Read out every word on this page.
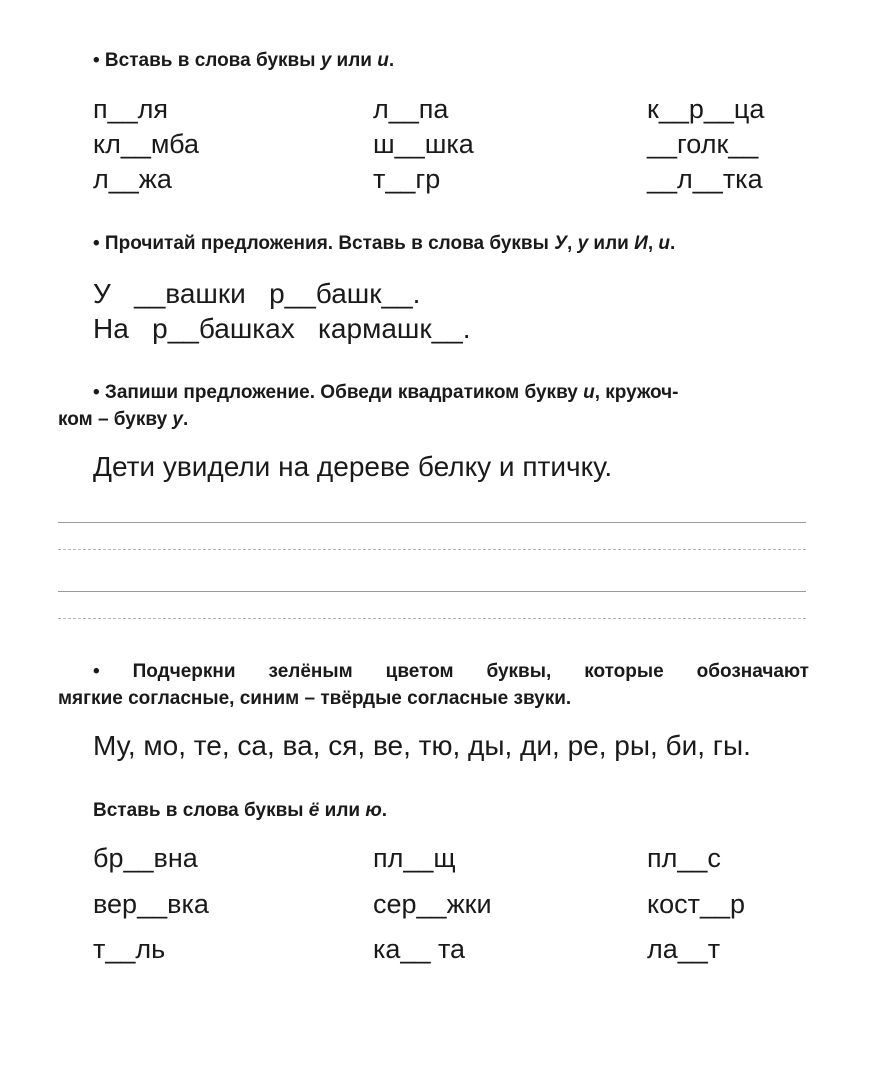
• Вставь в слова буквы у или и.
п__ля	л__па	к__р__ца
кл__мба	ш__шка	__голк__
л__жа	т__гр	__л__тка
• Прочитай предложения. Вставь в слова буквы У, у или И, и.
У   __вашки   р__башк__.
На   р__башках   кармашк__.
• Запиши предложение. Обведи квадратиком букву и, кружоч-
ком – букву у.
Дети увидели на дереве белку и птичку.
• Подчеркни зелёным цветом буквы, которые обозначают
мягкие согласные, синим – твёрдые согласные звуки.
Му, мо, те, са, ва, ся, ве, тю, ды, ди, ре, ры, би, гы.
Вставь в слова буквы ё или ю.
бр__вна	пл__щ	пл__с
вер__вка	сер__жки	кост__р
т__ль	ка__ та	ла__т
